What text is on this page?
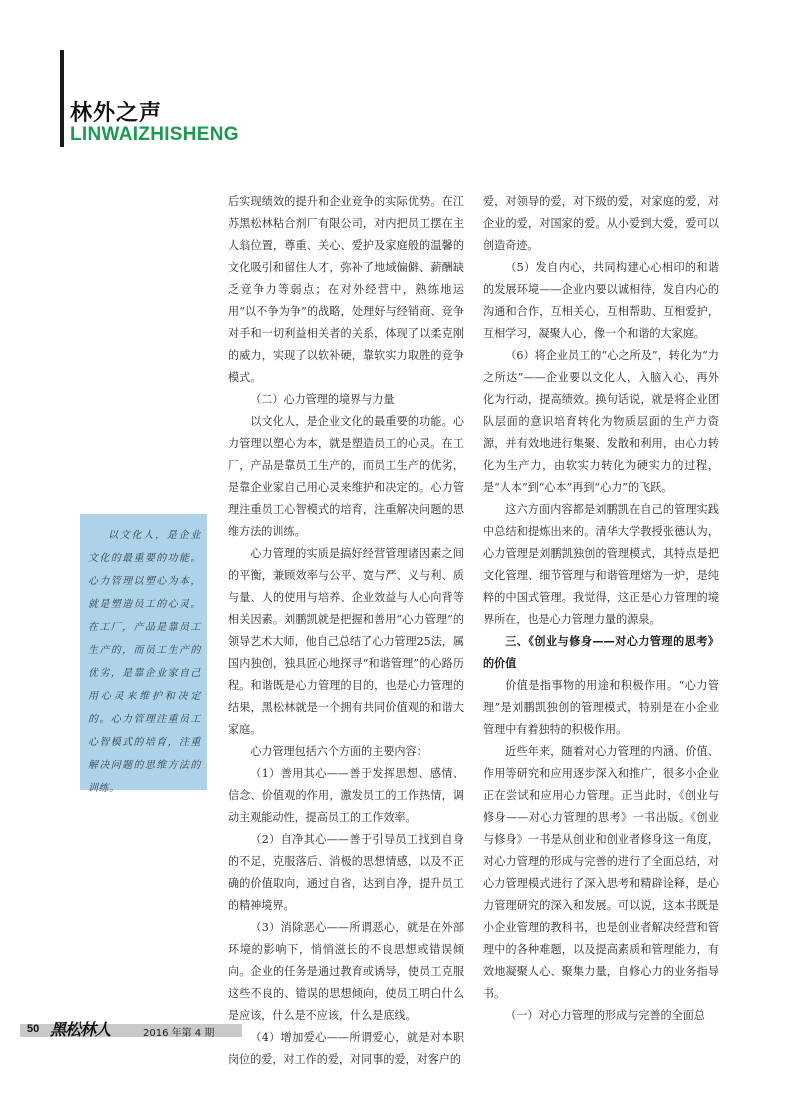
林外之声
LINWAIZHISHENG
以文化人，是企业文化的最重要的功能。心力管理以塑心为本，就是塑造员工的心灵。在工厂，产品是靠员工生产的，而员工生产的优劣，是靠企业家自己用心灵来维护和决定的。心力管理注重员工心智模式的培育，注重解决问题的思维方法的训练。

后实现绩效的提升和企业竞争的实际优势。在江苏黑松林粘合剂厂有限公司，对内把员工摆在主人翁位置，尊重、关心、爱护及家庭般的温馨的文化吸引和留住人才，弥补了地域偏僻、薪酬缺乏竞争力等弱点；在对外经营中，熟练地运用“以不争为争”的战略，处理好与经销商、竞争对手和一切利益相关者的关系，体现了以柔克刚的威力，实现了以软补硬，靠软实力取胜的竞争模式。

（二）心力管理的境界与力量

以文化人，是企业文化的最重要的功能。心力管理以塑心为本，就是塑造员工的心灵。在工厂，产品是靠员工生产的，而员工生产的优劣，是靠企业家自己用心灵来维护和决定的。心力管理注重员工心智模式的培育，注重解决问题的思维方法的训练。

心力管理的实质是搞好经营管理诸因素之间的平衡，兼顾效率与公平、宽与严、义与利、质与量、人的使用与培养、企业效益与人心向背等相关因素。刘鹏凯就是把握和善用“心力管理”的领导艺术大师，他自己总结了心力管理25法，属国内独创，独具匠心地探寻“和谐管理”的心路历程。和谐既是心力管理的目的，也是心力管理的结果，黑松林就是一个拥有共同价值观的和谐大家庭。

心力管理包括六个方面的主要内容：

（1）善用其心——善于发挥思想、感情、信念、价值观的作用，激发员工的工作热情，调动主观能动性，提高员工的工作效率。

（2）自净其心——善于引导员工找到自身的不足，克服落后、消极的思想情感，以及不正确的价值取向，通过自省，达到自净，提升员工的精神境界。

（3）消除恶心——所谓恶心，就是在外部环境的影响下，悄悄滋长的不良思想或错误倾向。企业的任务是通过教育或诱导，使员工克服这些不良的、错误的思想倾向，使员工明白什么是应该，什么是不应该，什么是底线。

（4）增加爱心——所谓爱心，就是对本职岗位的爱，对工作的爱，对同事的爱，对客户的

爱，对领导的爱，对下级的爱，对家庭的爱，对企业的爱，对国家的爱。从小爱到大爱，爱可以创造奇迹。

（5）发自内心，共同构建心心相印的和谐的发展环境——企业内要以诚相待，发自内心的沟通和合作，互相关心，互相帮助、互相爱护，互相学习，凝聚人心，像一个和谐的大家庭。

（6）将企业员工的“心之所及”，转化为“力之所达”——企业要以文化人，入脑入心，再外化为行动，提高绩效。换句话说，就是将企业团队层面的意识培育转化为物质层面的生产力资源，并有效地进行集聚、发散和利用，由心力转化为生产力，由软实力转化为硬实力的过程，是“人本”到“心本”再到“心力”的飞跃。

这六方面内容都是刘鹏凯在自己的管理实践中总结和提炼出来的。清华大学教授张德认为，心力管理是刘鹏凯独创的管理模式，其特点是把文化管理、细节管理与和谐管理熔为一炉，是纯粹的中国式管理。我觉得，这正是心力管理的境界所在，也是心力管理力量的源泉。

三、《创业与修身——对心力管理的思考》的价值

价值是指事物的用途和积极作用。“心力管理”是刘鹏凯独创的管理模式，特别是在小企业管理中有着独特的积极作用。

近些年来，随着对心力管理的内涵、价值、作用等研究和应用逐步深入和推广，很多小企业正在尝试和应用心力管理。正当此时，《创业与修身——对心力管理的思考》一书出版。《创业与修身》一书是从创业和创业者修身这一角度，对心力管理的形成与完善的进行了全面总结，对心力管理模式进行了深入思考和精辟诠释，是心力管理研究的深入和发展。可以说，这本书既是小企业管理的教科书，也是创业者解决经营和管理中的各种难题，以及提高素质和管理能力，有效地凝聚人心、聚集力量，自修心力的业务指导书。

（一）对心力管理的形成与完善的全面总

50 黑松林人	2016 年第 4 期
